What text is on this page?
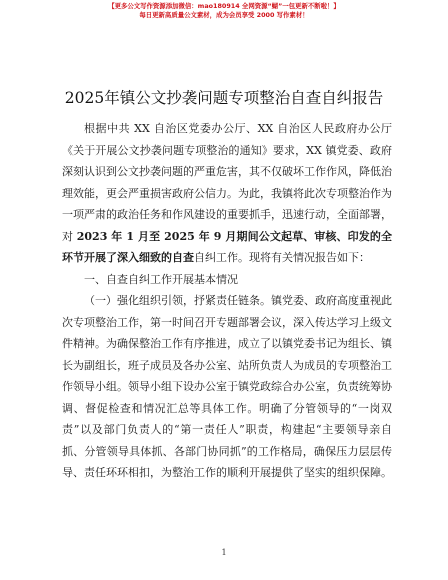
【更多公文写作资源添加微信：mao180914 全网资源“蝴”一包更新不断啦！】
每日更新高质量公文素材，成为会员享受 2000 写作素材！
2025年镇公文抄袭问题专项整治自查自纠报告

根据中共 XX 自治区党委办公厅、XX 自治区人民政府办公厅《关于开展公文抄袭问题专项整治的通知》要求，XX 镇党委、政府深刻认识到公文抄袭问题的严重危害，其不仅破坏工作作风，降低治理效能，更会严重损害政府公信力。为此，我镇将此次专项整治作为一项严肃的政治任务和作风建设的重要抓手，迅速行动，全面部署，对 2023 年 1 月至 2025 年 9 月期间公文起草、审核、印发的全环节开展了深入细致的自查自纠工作。现将有关情况报告如下：

一、自查自纠工作开展基本情况

（一）强化组织引领，抒紧责任链条。镇党委、政府高度重视此次专项整治工作，第一时间召开专题部署会议，深入传达学习上级文件精神。为确保整治工作有序推进，成立了以镇党委书记为组长、镇长为副组长，班子成员及各办公室、站所负责人为成员的专项整治工作领导小组。领导小组下设办公室于镇党政综合办公室，负责统筹协调、督促检查和情况汇总等具体工作。明确了分管领导的“一岗双责”以及部门负责人的“第一责任人”职责，构建起“主要领导亲自抓、分管领导具体抓、各部门协同抓”的工作格局，确保压力层层传导、责任环环相扣，为整治工作的顺利开展提供了坚实的组织保障。

1
